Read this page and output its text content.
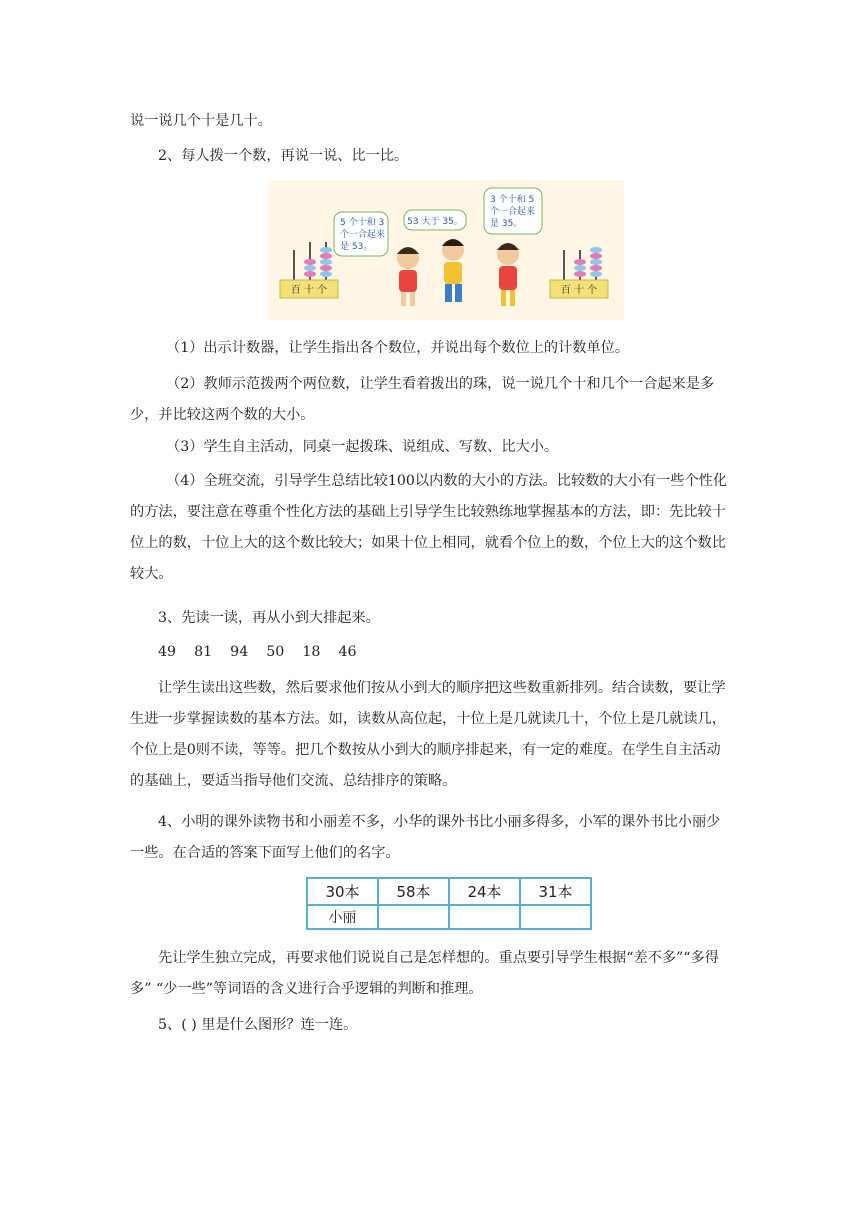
说一说几个十是几十。

2、每人拨一个数，再说一说、比一比。

百 十 个
5 个十和 3
个一合起来
是 53。
53 大于 35。
3 个十和 5
个一合起来
是 35。
百 十 个

（1）出示计数器，让学生指出各个数位，并说出每个数位上的计数单位。

（2）教师示范拨两个两位数，让学生看着拨出的珠，说一说几个十和几个一合起来是多少，并比较这两个数的大小。

（3）学生自主活动，同桌一起拨珠、说组成、写数、比大小。

（4）全班交流，引导学生总结比较100以内数的大小的方法。比较数的大小有一些个性化的方法，要注意在尊重个性化方法的基础上引导学生比较熟练地掌握基本的方法，即：先比较十位上的数，十位上大的这个数比较大；如果十位上相同，就看个位上的数，个位上大的这个数比较大。

3、先读一读，再从小到大排起来。

49    81    94    50    18    46

让学生读出这些数，然后要求他们按从小到大的顺序把这些数重新排列。结合读数，要让学生进一步掌握读数的基本方法。如，读数从高位起，十位上是几就读几十，个位上是几就读几，个位上是0则不读，等等。把几个数按从小到大的顺序排起来，有一定的难度。在学生自主活动的基础上，要适当指导他们交流、总结排序的策略。

4、小明的课外读物书和小丽差不多，小华的课外书比小丽多得多，小军的课外书比小丽少一些。在合适的答案下面写上他们的名字。

30本	58本	24本	31本
小丽			

先让学生独立完成，再要求他们说说自己是怎样想的。重点要引导学生根据“差不多”“多得多” “少一些”等词语的含义进行合乎逻辑的判断和推理。

5、( ) 里是什么图形？连一连。
